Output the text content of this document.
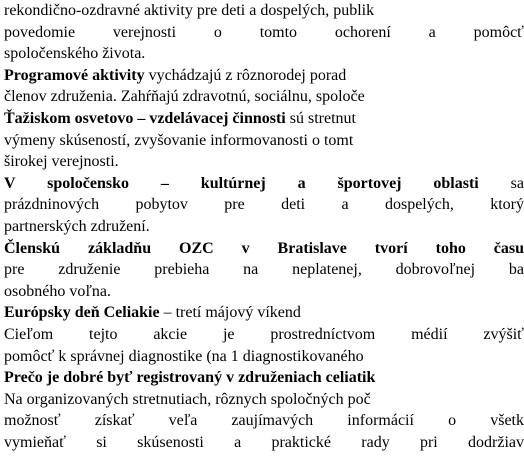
rekondično-ozdravné aktivity pre deti a dospelých, publik
povedomie verejnosti o tomto ochorení a pomôcť
spoločenského života.
Programové aktivity vychádzajú z rôznorodej porad
členov združenia. Zahŕňajú zdravotnú, sociálnu, spoloče
Ťažiskom osvetovo – vzdelávacej činnosti sú stretnut
výmeny skúseností, zvyšovanie informovanosti o tomt
širokej verejnosti.
V spoločensko – kultúrnej a športovej oblasti sa
prázdninových pobytov pre deti a dospelých, ktorý
partnerských združení.
Členskú základňu OZC v Bratislave tvorí toho času
pre združenie prebieha na neplatenej, dobrovoľnej ba
osobného voľna.
Európsky deň Celiakie – tretí májový víkend
Cieľom tejto akcie je prostredníctvom médií zvýšiť
pomôcť k správnej diagnostike (na 1 diagnostikovaného
Prečo je dobré byť registrovaný v združeniach celiatik
Na organizovaných stretnutiach, rôznych spoločných poč
možnosť získať veľa zaujímavých informácií o všetk
vymieňať si skúsenosti a praktické rady pri dodržiav
